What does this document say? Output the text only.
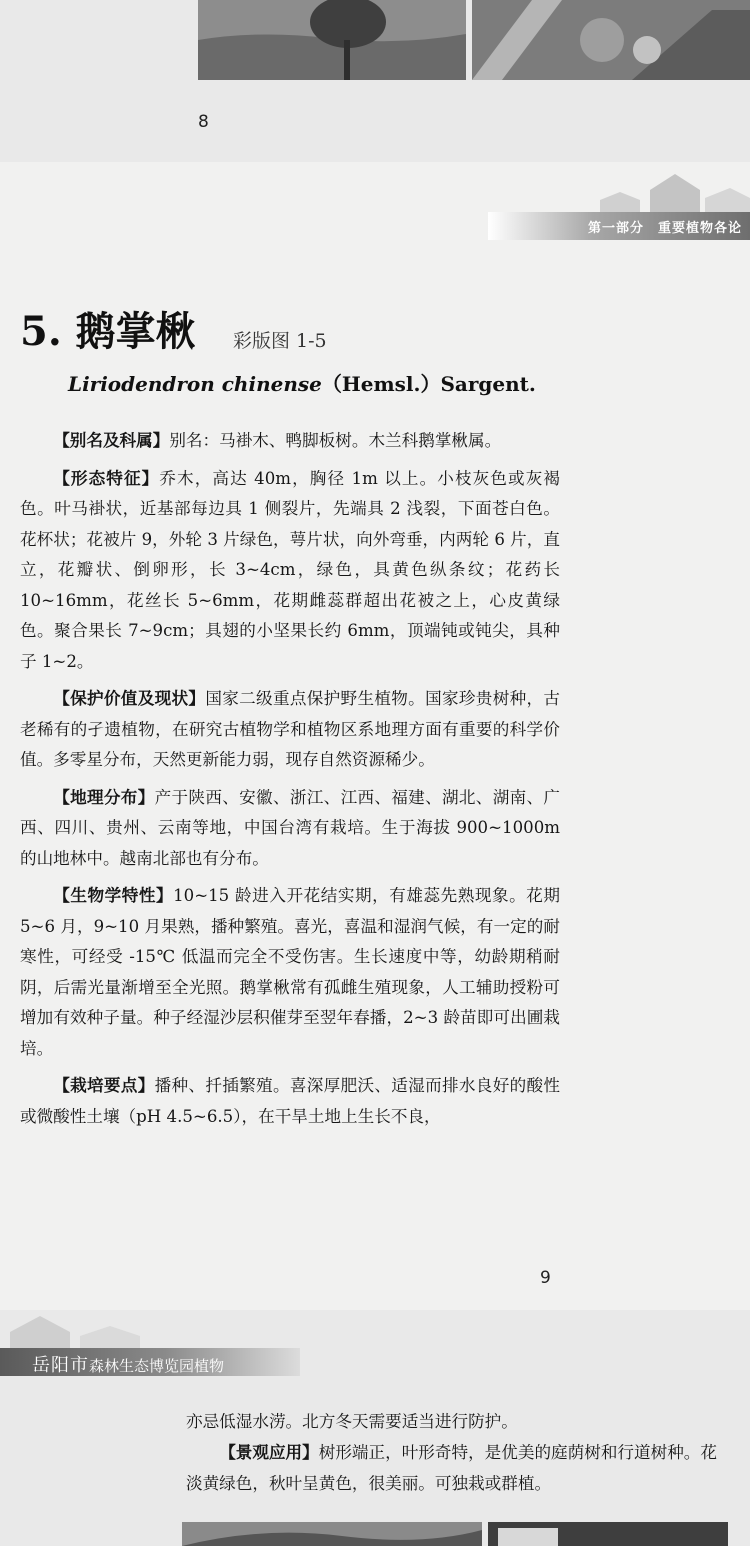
8
第一部分　重要植物各论
5. 鹅掌楸 彩版图 1-5
Liriodendron chinense（Hemsl.）Sargent.

【别名及科属】别名：马褂木、鸭脚板树。木兰科鹅掌楸属。

【形态特征】乔木，高达 40m，胸径 1m 以上。小枝灰色或灰褐色。叶马褂状，近基部每边具 1 侧裂片，先端具 2 浅裂，下面苍白色。花杯状；花被片 9，外轮 3 片绿色，萼片状，向外弯垂，内两轮 6 片，直立，花瓣状、倒卵形，长 3~4cm，绿色，具黄色纵条纹；花药长 10~16mm，花丝长 5~6mm，花期雌蕊群超出花被之上，心皮黄绿色。聚合果长 7~9cm；具翅的小坚果长约 6mm，顶端钝或钝尖，具种子 1~2。

【保护价值及现状】国家二级重点保护野生植物。国家珍贵树种，古老稀有的孑遗植物，在研究古植物学和植物区系地理方面有重要的科学价值。多零星分布，天然更新能力弱，现存自然资源稀少。

【地理分布】产于陕西、安徽、浙江、江西、福建、湖北、湖南、广西、四川、贵州、云南等地，中国台湾有栽培。生于海拔 900~1000m 的山地林中。越南北部也有分布。

【生物学特性】10~15 龄进入开花结实期，有雄蕊先熟现象。花期 5~6 月，9~10 月果熟，播种繁殖。喜光，喜温和湿润气候，有一定的耐寒性，可经受 -15℃ 低温而完全不受伤害。生长速度中等，幼龄期稍耐阴，后需光量渐增至全光照。鹅掌楸常有孤雌生殖现象，人工辅助授粉可增加有效种子量。种子经湿沙层积催芽至翌年春播，2~3 龄苗即可出圃栽培。

【栽培要点】播种、扦插繁殖。喜深厚肥沃、适湿而排水良好的酸性或微酸性土壤（pH 4.5~6.5），在干旱土地上生长不良，

9
岳阳市森林生态博览园植物

亦忌低湿水涝。北方冬天需要适当进行防护。

【景观应用】树形端正，叶形奇特，是优美的庭荫树和行道树种。花淡黄绿色，秋叶呈黄色，很美丽。可独栽或群植。
